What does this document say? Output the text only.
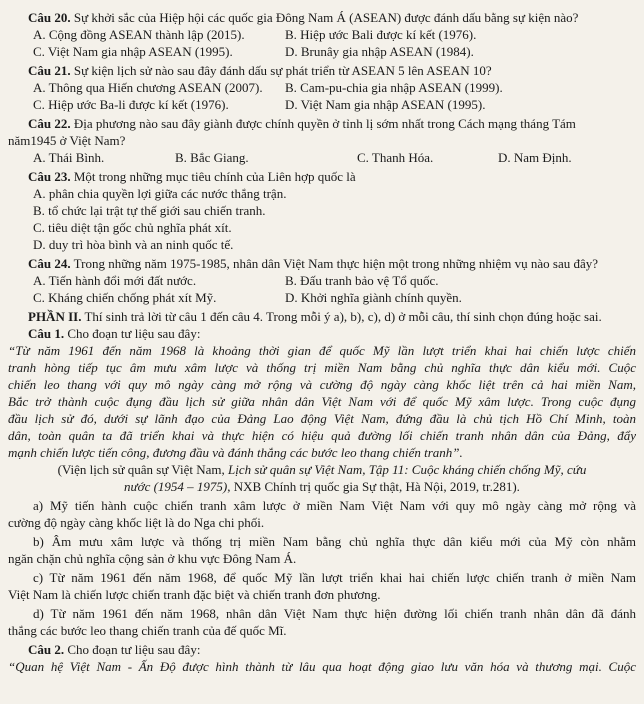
Câu 20. Sự khởi sắc của Hiệp hội các quốc gia Đông Nam Á (ASEAN) được đánh dấu bằng sự kiện nào?
A. Cộng đồng ASEAN thành lập (2015).	B. Hiệp ước Bali được kí kết (1976).
C. Việt Nam gia nhập ASEAN (1995).	D. Brunây gia nhập ASEAN (1984).
Câu 21. Sự kiện lịch sử nào sau đây đánh dấu sự phát triển từ ASEAN 5 lên ASEAN 10?
A. Thông qua Hiến chương ASEAN (2007).	B. Cam-pu-chia gia nhập ASEAN (1999).
C. Hiệp ước Ba-li được kí kết (1976).	D. Việt Nam gia nhập ASEAN (1995).
Câu 22. Địa phương nào sau đây giành được chính quyền ở tỉnh lị sớm nhất trong Cách mạng tháng Tám
năm1945 ở Việt Nam?
A. Thái Bình.	B. Bắc Giang.	C. Thanh Hóa.	D. Nam Định.
Câu 23. Một trong những mục tiêu chính của Liên hợp quốc là
A. phân chia quyền lợi giữa các nước thắng trận.
B. tổ chức lại trật tự thế giới sau chiến tranh.
C. tiêu diệt tận gốc chủ nghĩa phát xít.
D. duy trì hòa bình và an ninh quốc tế.
Câu 24. Trong những năm 1975-1985, nhân dân Việt Nam thực hiện một trong những nhiệm vụ nào sau đây?
A. Tiến hành đổi mới đất nước.	B. Đấu tranh bảo vệ Tổ quốc.
C. Kháng chiến chống phát xít Mỹ.	D. Khởi nghĩa giành chính quyền.
PHẦN II. Thí sinh trả lời từ câu 1 đến câu 4. Trong mỗi ý a), b), c), d) ở mỗi câu, thí sinh chọn đúng hoặc sai.
Câu 1. Cho đoạn tư liệu sau đây:
“Từ năm 1961 đến năm 1968 là khoảng thời gian để quốc Mỹ lần lượt triển khai hai chiến lược chiến
tranh hòng tiếp tục âm mưu xâm lược và thống trị miền Nam bằng chủ nghĩa thực dân kiểu mới. Cuộc
chiến leo thang với quy mô ngày càng mở rộng và cường độ ngày càng khốc liệt trên cả hai miền Nam,
Bắc trở thành cuộc đụng đầu lịch sử giữa nhân dân Việt Nam với để quốc Mỹ xâm lược. Trong cuộc đụng
đầu lịch sử đó, dưới sự lãnh đạo của Đảng Lao động Việt Nam, đứng đầu là chủ tịch Hồ Chí Minh, toàn
dân, toàn quân ta đã triển khai và thực hiện có hiệu quả đường lối chiến tranh nhân dân của Đảng, đẩy
mạnh chiến lược tiến công, đương đầu và đánh thắng các bước leo thang chiến tranh”.
(Viện lịch sử quân sự Việt Nam, Lịch sử quân sự Việt Nam, Tập 11: Cuộc kháng chiến chống Mỹ, cứu
nước (1954 – 1975), NXB Chính trị quốc gia Sự thật, Hà Nội, 2019, tr.281).
a) Mỹ tiến hành cuộc chiến tranh xâm lược ở miền Nam Việt Nam với quy mô ngày càng mở rộng và
cường độ ngày càng khốc liệt là do Nga chi phối.
b) Âm mưu xâm lược và thống trị miền Nam bằng chủ nghĩa thực dân kiểu mới của Mỹ còn nhằm
ngăn chặn chủ nghĩa cộng sản ở khu vực Đông Nam Á.
c) Từ năm 1961 đến năm 1968, để quốc Mỹ lần lượt triển khai hai chiến lược chiến tranh ở miền Nam
Việt Nam là chiến lược chiến tranh đặc biệt và chiến tranh đơn phương.
d) Từ năm 1961 đến năm 1968, nhân dân Việt Nam thực hiện đường lối chiến tranh nhân dân đã đánh
thắng các bước leo thang chiến tranh của đế quốc Mĩ.
Câu 2. Cho đoạn tư liệu sau đây:
“Quan hệ Việt Nam - Ấn Độ được hình thành từ lâu qua hoạt động giao lưu văn hóa và thương mại. Cuộc
